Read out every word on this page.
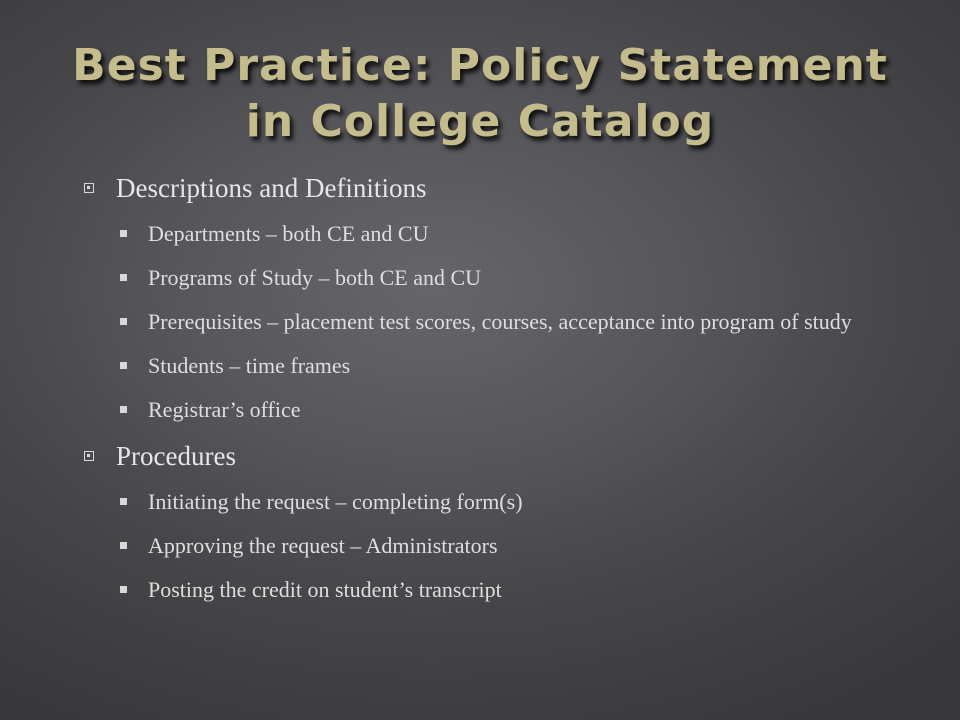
Best Practice: Policy Statement in College Catalog
Descriptions and Definitions
Departments – both CE and CU
Programs of Study – both CE and CU
Prerequisites – placement test scores, courses, acceptance into program of study
Students – time frames
Registrar’s office
Procedures
Initiating the request – completing form(s)
Approving the request – Administrators
Posting the credit on student’s transcript
